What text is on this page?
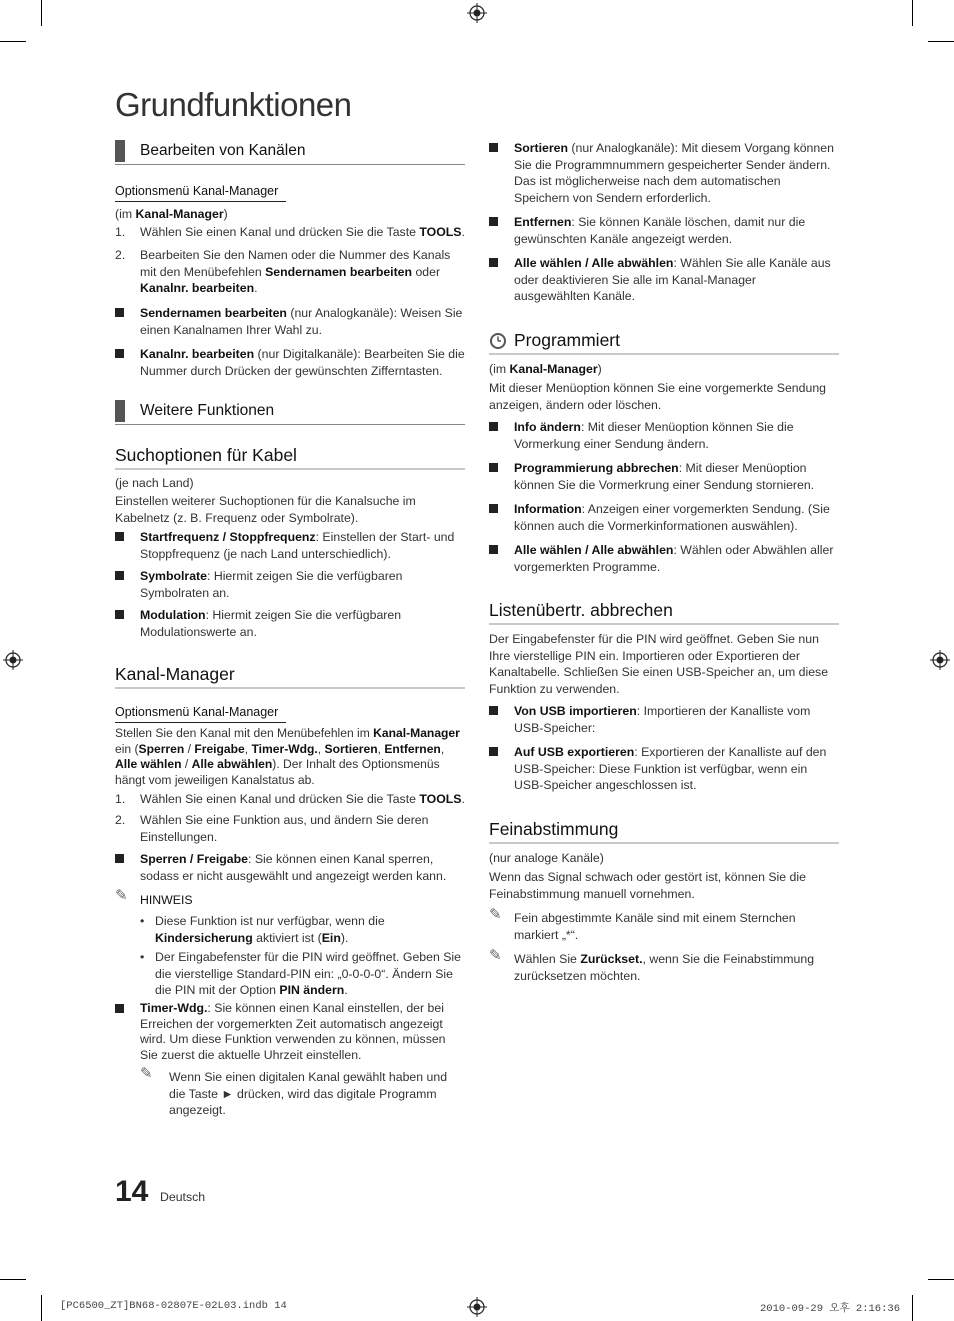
Grundfunktionen
Bearbeiten von Kanälen
Optionsmenü Kanal-Manager
(im Kanal-Manager)
1. Wählen Sie einen Kanal und drücken Sie die Taste TOOLS.
2. Bearbeiten Sie den Namen oder die Nummer des Kanals mit den Menübefehlen Sendernamen bearbeiten oder Kanalnr. bearbeiten.
Sendernamen bearbeiten (nur Analogkanäle): Weisen Sie einen Kanalnamen Ihrer Wahl zu.
Kanalnr. bearbeiten (nur Digitalkanäle): Bearbeiten Sie die Nummer durch Drücken der gewünschten Zifferntasten.
Weitere Funktionen
Suchoptionen für Kabel
(je nach Land)
Einstellen weiterer Suchoptionen für die Kanalsuche im Kabelnetz (z. B. Frequenz oder Symbolrate).
Startfrequenz / Stoppfrequenz: Einstellen der Start- und Stoppfrequenz (je nach Land unterschiedlich).
Symbolrate: Hiermit zeigen Sie die verfügbaren Symbolraten an.
Modulation: Hiermit zeigen Sie die verfügbaren Modulationswerte an.
Kanal-Manager
Optionsmenü Kanal-Manager
Stellen Sie den Kanal mit den Menübefehlen im Kanal-Manager ein (Sperren / Freigabe, Timer-Wdg., Sortieren, Entfernen, Alle wählen / Alle abwählen). Der Inhalt des Optionsmenüs hängt vom jeweiligen Kanalstatus ab.
1. Wählen Sie einen Kanal und drücken Sie die Taste TOOLS.
2. Wählen Sie eine Funktion aus, und ändern Sie deren Einstellungen.
Sperren / Freigabe: Sie können einen Kanal sperren, sodass er nicht ausgewählt und angezeigt werden kann.
✎ HINWEIS
• Diese Funktion ist nur verfügbar, wenn die Kindersicherung aktiviert ist (Ein).
• Der Eingabefenster für die PIN wird geöffnet. Geben Sie die vierstellige Standard-PIN ein: „0-0-0-0“. Ändern Sie die PIN mit der Option PIN ändern.
Timer-Wdg.: Sie können einen Kanal einstellen, der bei Erreichen der vorgemerkten Zeit automatisch angezeigt wird. Um diese Funktion verwenden zu können, müssen Sie zuerst die aktuelle Uhrzeit einstellen.
✎ Wenn Sie einen digitalen Kanal gewählt haben und die Taste ► drücken, wird das digitale Programm angezeigt.
Sortieren (nur Analogkanäle): Mit diesem Vorgang können Sie die Programmnummern gespeicherter Sender ändern. Das ist möglicherweise nach dem automatischen Speichern von Sendern erforderlich.
Entfernen: Sie können Kanäle löschen, damit nur die gewünschten Kanäle angezeigt werden.
Alle wählen / Alle abwählen: Wählen Sie alle Kanäle aus oder deaktivieren Sie alle im Kanal-Manager ausgewählten Kanäle.
Programmiert
(im Kanal-Manager)
Mit dieser Menüoption können Sie eine vorgemerkte Sendung anzeigen, ändern oder löschen.
Info ändern: Mit dieser Menüoption können Sie die Vormerkung einer Sendung ändern.
Programmierung abbrechen: Mit dieser Menüoption können Sie die Vormerkrung einer Sendung stornieren.
Information: Anzeigen einer vorgemerkten Sendung. (Sie können auch die Vormerkinformationen auswählen).
Alle wählen / Alle abwählen: Wählen oder Abwählen aller vorgemerkten Programme.
Listenübertr. abbrechen
Der Eingabefenster für die PIN wird geöffnet. Geben Sie nun Ihre vierstellige PIN ein. Importieren oder Exportieren der Kanaltabelle. Schließen Sie einen USB-Speicher an, um diese Funktion zu verwenden.
Von USB importieren: Importieren der Kanalliste vom USB-Speicher:
Auf USB exportieren: Exportieren der Kanalliste auf den USB-Speicher: Diese Funktion ist verfügbar, wenn ein USB-Speicher angeschlossen ist.
Feinabstimmung
(nur analoge Kanäle)
Wenn das Signal schwach oder gestört ist, können Sie die Feinabstimmung manuell vornehmen.
✎ Fein abgestimmte Kanäle sind mit einem Sternchen markiert „*“.
✎ Wählen Sie Zurückset., wenn Sie die Feinabstimmung zurücksetzen möchten.
14 Deutsch
[PC6500_ZT]BN68-02807E-02L03.indb 14	2010-09-29 오후 2:16:36
